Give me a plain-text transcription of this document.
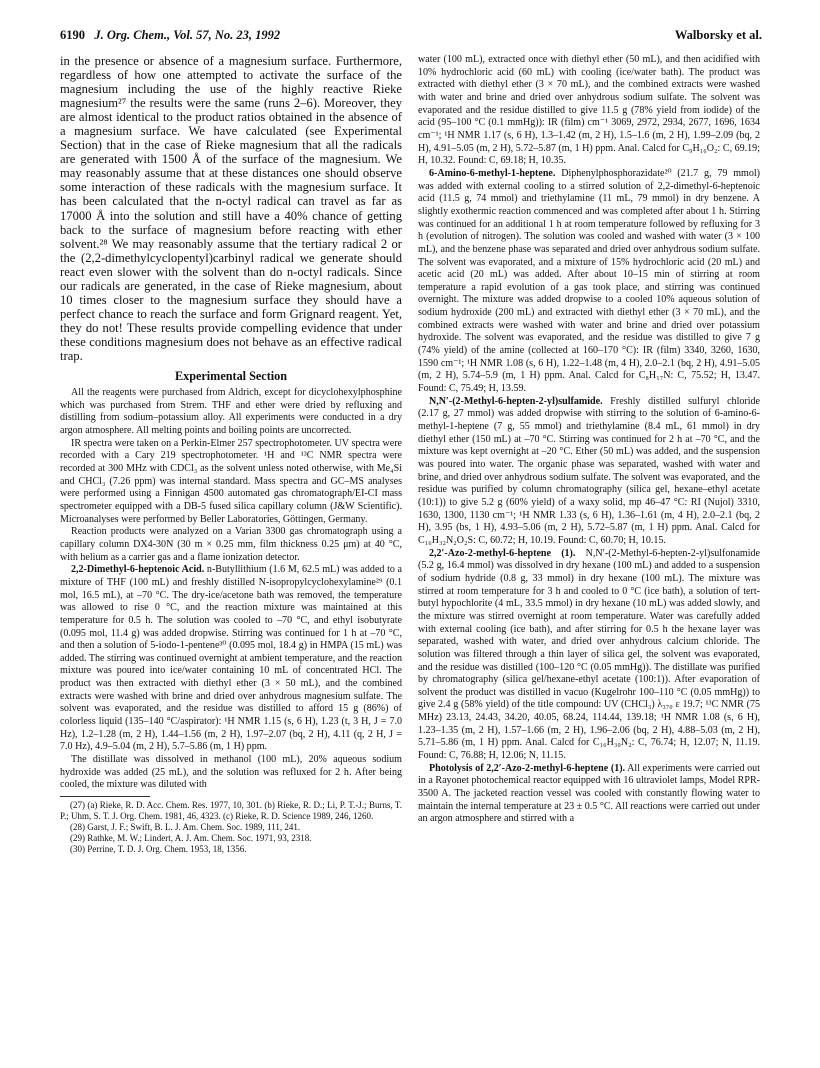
6190 J. Org. Chem., Vol. 57, No. 23, 1992	Walborsky et al.

in the presence or absence of a magnesium surface. Furthermore, regardless of how one attempted to activate the surface of the magnesium including the use of the highly reactive Rieke magnesium²⁷ the results were the same (runs 2–6). Moreover, they are almost identical to the product ratios obtained in the absence of a magnesium surface. We have calculated (see Experimental Section) that in the case of Rieke magnesium that all the radicals are generated with 1500 Å of the surface of the magnesium. We may reasonably assume that at these distances one should observe some interaction of these radicals with the magnesium surface. It has been calculated that the n-octyl radical can travel as far as 17000 Å into the solution and still have a 40% chance of getting back to the surface of magnesium before reacting with ether solvent.²⁸ We may reasonably assume that the tertiary radical 2 or the (2,2-dimethylcyclopentyl)carbinyl radical we generate should react even slower with the solvent than do n-octyl radicals. Since our radicals are generated, in the case of Rieke magnesium, about 10 times closer to the magnesium surface they should have a perfect chance to reach the surface and form Grignard reagent. Yet, they do not! These results provide compelling evidence that under these conditions magnesium does not behave as an effective radical trap.

Experimental Section

All the reagents were purchased from Aldrich, except for dicyclohexylphosphine which was purchased from Strem. THF and ether were dried by refluxing and distilling from sodium–potassium alloy. All experiments were conducted in a dry argon atmosphere. All melting points and boiling points are uncorrected.

IR spectra were taken on a Perkin-Elmer 257 spectrophotometer. UV spectra were recorded with a Cary 219 spectrophotometer. ¹H and ¹³C NMR spectra were recorded at 300 MHz with CDCl₃ as the solvent unless noted otherwise, with Me₄Si and CHCl₃ (7.26 ppm) was internal standard. Mass spectra and GC–MS analyses were performed using a Finnigan 4500 automated gas chromatograph/EI-CI mass spectrometer equipped with a DB-5 fused silica capillary column (J&W Scientific). Microanalyses were performed by Beller Laboratories, Göttingen, Germany.

Reaction products were analyzed on a Varian 3300 gas chromatograph using a capillary column DX4-30N (30 m × 0.25 mm, film thickness 0.25 μm) at 40 °C, with helium as a carrier gas and a flame ionization detector.

2,2-Dimethyl-6-heptenoic Acid. n-Butyllithium (1.6 M, 62.5 mL) was added to a mixture of THF (100 mL) and freshly distilled N-isopropylcyclohexylamine²⁹ (0.1 mol, 16.5 mL), at –70 °C. The dry-ice/acetone bath was removed, the temperature was allowed to rise 0 °C, and the reaction mixture was maintained at this temperature for 0.5 h. The solution was cooled to –70 °C, and ethyl isobutyrate (0.095 mol, 11.4 g) was added dropwise. Stirring was continued for 1 h at –70 °C, and then a solution of 5-iodo-1-pentene³⁰ (0.095 mol, 18.4 g) in HMPA (15 mL) was added. The stirring was continued overnight at ambient temperature, and the reaction mixture was poured into ice/water containing 10 mL of concentrated HCl. The product was then extracted with diethyl ether (3 × 50 mL), and the combined extracts were washed with brine and dried over anhydrous magnesium sulfate. The solvent was evaporated, and the residue was distilled to afford 15 g (86%) of colorless liquid (135–140 °C/aspirator): ¹H NMR 1.15 (s, 6 H), 1.23 (t, 3 H, J = 7.0 Hz), 1.2–1.28 (m, 2 H), 1.44–1.56 (m, 2 H), 1.97–2.07 (bq, 2 H), 4.11 (q, 2 H, J = 7.0 Hz), 4.9–5.04 (m, 2 H), 5.7–5.86 (m, 1 H) ppm.

The distillate was dissolved in methanol (100 mL), 20% aqueous sodium hydroxide was added (25 mL), and the solution was refluxed for 2 h. After being cooled, the mixture was diluted with

(27) (a) Rieke, R. D. Acc. Chem. Res. 1977, 10, 301. (b) Rieke, R. D.; Li, P. T.-J.; Burns, T. P.; Uhm, S. T. J. Org. Chem. 1981, 46, 4323. (c) Rieke, R. D. Science 1989, 246, 1260.

(28) Garst, J. F.; Swift, B. L. J. Am. Chem. Soc. 1989, 111, 241.

(29) Rathke, M. W.; Lindert, A. J. Am. Chem. Soc. 1971, 93, 2318.

(30) Perrine, T. D. J. Org. Chem. 1953, 18, 1356.

water (100 mL), extracted once with diethyl ether (50 mL), and then acidified with 10% hydrochloric acid (60 mL) with cooling (ice/water bath). The product was extracted with diethyl ether (3 × 70 mL), and the combined extracts were washed with water and brine and dried over anhydrous sodium sulfate. The solvent was evaporated and the residue distilled to give 11.5 g (78% yield from iodide) of the acid (95–100 °C (0.1 mmHg)): IR (film) cm⁻¹ 3069, 2972, 2934, 2677, 1696, 1634 cm⁻¹; ¹H NMR 1.17 (s, 6 H), 1.3–1.42 (m, 2 H), 1.5–1.6 (m, 2 H), 1.99–2.09 (bq, 2 H), 4.91–5.05 (m, 2 H), 5.72–5.87 (m, 1 H) ppm. Anal. Calcd for C₉H₁₆O₂: C, 69.19; H, 10.32. Found: C, 69.18; H, 10.35.

6-Amino-6-methyl-1-heptene. Diphenylphosphorazidate²⁰ (21.7 g, 79 mmol) was added with external cooling to a stirred solution of 2,2-dimethyl-6-heptenoic acid (11.5 g, 74 mmol) and triethylamine (11 mL, 79 mmol) in dry benzene. A slightly exothermic reaction commenced and was completed after about 1 h. Stirring was continued for an additional 1 h at room temperature followed by refluxing for 3 h (evolution of nitrogen). The solution was cooled and washed with water (3 × 100 mL), and the benzene phase was separated and dried over anhydrous sodium sulfate. The solvent was evaporated, and a mixture of 15% hydrochloric acid (20 mL) and acetic acid (20 mL) was added. After about 10–15 min of stirring at room temperature a rapid evolution of a gas took place, and stirring was continued overnight. The mixture was added dropwise to a cooled 10% aqueous solution of sodium hydroxide (200 mL) and extracted with diethyl ether (3 × 70 mL), and the combined extracts were washed with water and brine and dried over potassium hydroxide. The solvent was evaporated, and the residue was distilled to give 7 g (74% yield) of the amine (collected at 160–170 °C): IR (film) 3340, 3260, 1630, 1590 cm⁻¹; ¹H NMR 1.08 (s, 6 H), 1.22–1.48 (m, 4 H), 2.0–2.1 (bq, 2 H), 4.91–5.05 (m, 2 H), 5.74–5.9 (m, 1 H) ppm. Anal. Calcd for C₈H₁₇N: C, 75.52; H, 13.47. Found: C, 75.49; H, 13.59.

N,N′-(2-Methyl-6-hepten-2-yl)sulfamide. Freshly distilled sulfuryl chloride (2.17 g, 27 mmol) was added dropwise with stirring to the solution of 6-amino-6-methyl-1-heptene (7 g, 55 mmol) and triethylamine (8.4 mL, 61 mmol) in dry diethyl ether (150 mL) at –70 °C. Stirring was continued for 2 h at –70 °C, and the mixture was kept overnight at –20 °C. Ether (50 mL) was added, and the suspension was poured into water. The organic phase was separated, washed with water and brine, and dried over anhydrous sodium sulfate. The solvent was evaporated, and the residue was purified by column chromatography (silica gel, hexane–ethyl acetate (10:1)) to give 5.2 g (60% yield) of a waxy solid, mp 46–47 °C: RI (Nujol) 3310, 1630, 1300, 1130 cm⁻¹; ¹H NMR 1.33 (s, 6 H), 1.36–1.61 (m, 4 H), 2.0–2.1 (bq, 2 H), 3.95 (bs, 1 H), 4.93–5.06 (m, 2 H), 5.72–5.87 (m, 1 H) ppm. Anal. Calcd for C₁₆H₃₂N₂O₂S: C, 60.72; H, 10.19. Found: C, 60.70; H, 10.15.

2,2′-Azo-2-methyl-6-heptene (1). N,N′-(2-Methyl-6-hepten-2-yl)sulfonamide (5.2 g, 16.4 mmol) was dissolved in dry hexane (100 mL) and added to a suspension of sodium hydride (0.8 g, 33 mmol) in dry hexane (100 mL). The mixture was stirred at room temperature for 3 h and cooled to 0 °C (ice bath), a solution of tert-butyl hypochlorite (4 mL, 33.5 mmol) in dry hexane (10 mL) was added slowly, and the mixture was stirred overnight at room temperature. Water was carefully added with external cooling (ice bath), and after stirring for 0.5 h the hexane layer was separated, washed with water, and dried over anhydrous calcium chloride. The solution was filtered through a thin layer of silica gel, the solvent was evaporated, and the residue was distilled (100–120 °C (0.05 mmHg)). The distillate was purified by chromatography (silica gel/hexane-ethyl acetate (100:1)). After evaporation of solvent the product was distilled in vacuo (Kugelrohr 100–110 °C (0.05 mmHg)) to give 2.4 g (58% yield) of the title compound: UV (CHCl₃) λ₃₇₀ ε 19.7; ¹³C NMR (75 MHz) 23.13, 24.43, 34.20, 40.05, 68.24, 114.44, 139.18; ¹H NMR 1.08 (s, 6 H), 1.23–1.35 (m, 2 H), 1.57–1.66 (m, 2 H), 1.96–2.06 (bq, 2 H), 4.88–5.03 (m, 2 H), 5.71–5.86 (m, 1 H) ppm. Anal. Calcd for C₁₆H₃₀N₂: C, 76.74; H, 12.07; N, 11.19. Found: C, 76.88; H, 12.06; N, 11.15.

Photolysis of 2,2′-Azo-2-methyl-6-heptene (1). All experiments were carried out in a Rayonet photochemical reactor equipped with 16 ultraviolet lamps, Model RPR-3500 A. The jacketed reaction vessel was cooled with constantly flowing water to maintain the internal temperature at 23 ± 0.5 °C. All reactions were carried out under an argon atmosphere and stirred with a
